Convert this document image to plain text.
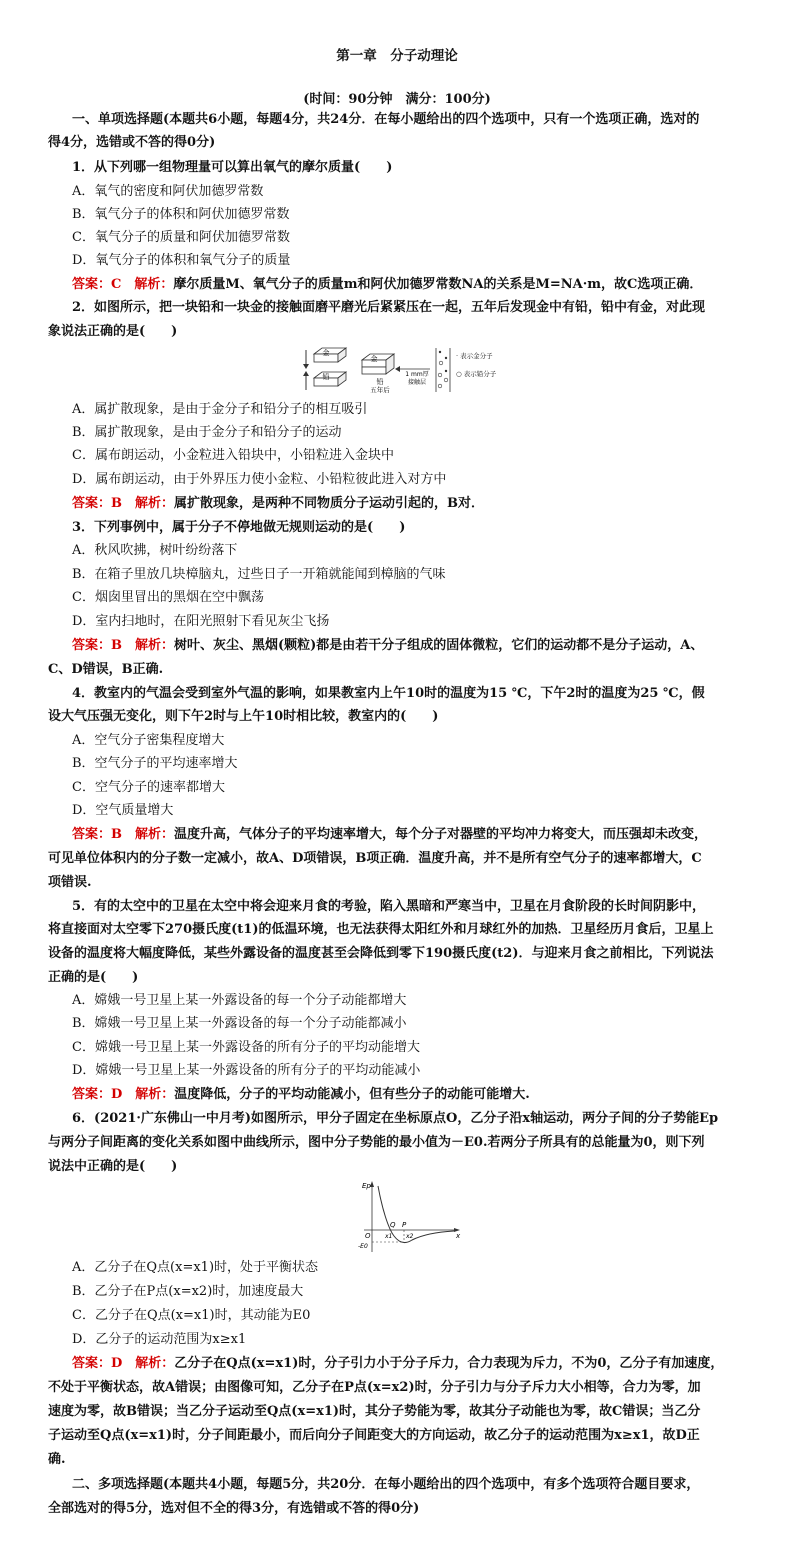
第一章　分子动理论
(时间：90分钟　满分：100分)
一、单项选择题(本题共6小题，每题4分，共24分．在每小题给出的四个选项中，只有一个选项正确，选对的
得4分，选错或不答的得0分)
1．从下列哪一组物理量可以算出氧气的摩尔质量(　　)
A．氧气的密度和阿伏加德罗常数
B．氧气分子的体积和阿伏加德罗常数
C．氧气分子的质量和阿伏加德罗常数
D．氧气分子的体积和氧气分子的质量
答案：C　解析：摩尔质量M、氧气分子的质量m和阿伏加德罗常数NA的关系是M=NA·m，故C选项正确．
2．如图所示，把一块铅和一块金的接触面磨平磨光后紧紧压在一起，五年后发现金中有铅，铅中有金，对此现
象说法正确的是(　　)
金
铅
金
铅
五年后
1 mm厚
接触层
· 表示金分子
○ 表示铅分子
A．属扩散现象，是由于金分子和铅分子的相互吸引
B．属扩散现象，是由于金分子和铅分子的运动
C．属布朗运动，小金粒进入铅块中，小铅粒进入金块中
D．属布朗运动，由于外界压力使小金粒、小铅粒彼此进入对方中
答案：B　解析：属扩散现象，是两种不同物质分子运动引起的，B对．
3．下列事例中，属于分子不停地做无规则运动的是(　　)
A．秋风吹拂，树叶纷纷落下
B．在箱子里放几块樟脑丸，过些日子一开箱就能闻到樟脑的气味
C．烟囱里冒出的黑烟在空中飘荡
D．室内扫地时，在阳光照射下看见灰尘飞扬
答案：B　解析：树叶、灰尘、黑烟(颗粒)都是由若干分子组成的固体微粒，它们的运动都不是分子运动，A、
C、D错误，B正确.
4．教室内的气温会受到室外气温的影响，如果教室内上午10时的温度为15 ℃，下午2时的温度为25 ℃，假
设大气压强无变化，则下午2时与上午10时相比较，教室内的(　　)
A．空气分子密集程度增大
B．空气分子的平均速率增大
C．空气分子的速率都增大
D．空气质量增大
答案：B　解析：温度升高，气体分子的平均速率增大，每个分子对器壁的平均冲力将变大，而压强却未改变，
可见单位体积内的分子数一定减小，故A、D项错误，B项正确．温度升高，并不是所有空气分子的速率都增大，C
项错误.
5．有的太空中的卫星在太空中将会迎来月食的考验，陷入黑暗和严寒当中，卫星在月食阶段的长时间阴影中，
将直接面对太空零下270摄氏度(t1)的低温环境，也无法获得太阳红外和月球红外的加热．卫星经历月食后，卫星上
设备的温度将大幅度降低，某些外露设备的温度甚至会降低到零下190摄氏度(t2)．与迎来月食之前相比，下列说法
正确的是(　　)
A．嫦娥一号卫星上某一外露设备的每一个分子动能都增大
B．嫦娥一号卫星上某一外露设备的每一个分子动能都减小
C．嫦娥一号卫星上某一外露设备的所有分子的平均动能增大
D．嫦娥一号卫星上某一外露设备的所有分子的平均动能减小
答案：D　解析：温度降低，分子的平均动能减小，但有些分子的动能可能增大.
6．(2021·广东佛山一中月考)如图所示，甲分子固定在坐标原点O，乙分子沿x轴运动，两分子间的分子势能Ep
与两分子间距离的变化关系如图中曲线所示，图中分子势能的最小值为－E0.若两分子所具有的总能量为0，则下列
说法中正确的是(　　)
Ep
x
O
-E0
Q P
x1 x2
A．乙分子在Q点(x=x1)时，处于平衡状态
B．乙分子在P点(x=x2)时，加速度最大
C．乙分子在Q点(x=x1)时，其动能为E0
D．乙分子的运动范围为x≥x1
答案：D　解析：乙分子在Q点(x=x1)时，分子引力小于分子斥力，合力表现为斥力，不为0，乙分子有加速度，
不处于平衡状态，故A错误；由图像可知，乙分子在P点(x=x2)时，分子引力与分子斥力大小相等，合力为零，加
速度为零，故B错误；当乙分子运动至Q点(x=x1)时，其分子势能为零，故其分子动能也为零，故C错误；当乙分
子运动至Q点(x=x1)时，分子间距最小，而后向分子间距变大的方向运动，故乙分子的运动范围为x≥x1，故D正
确.
二、多项选择题(本题共4小题，每题5分，共20分．在每小题给出的四个选项中，有多个选项符合题目要求，
全部选对的得5分，选对但不全的得3分，有选错或不答的得0分)
